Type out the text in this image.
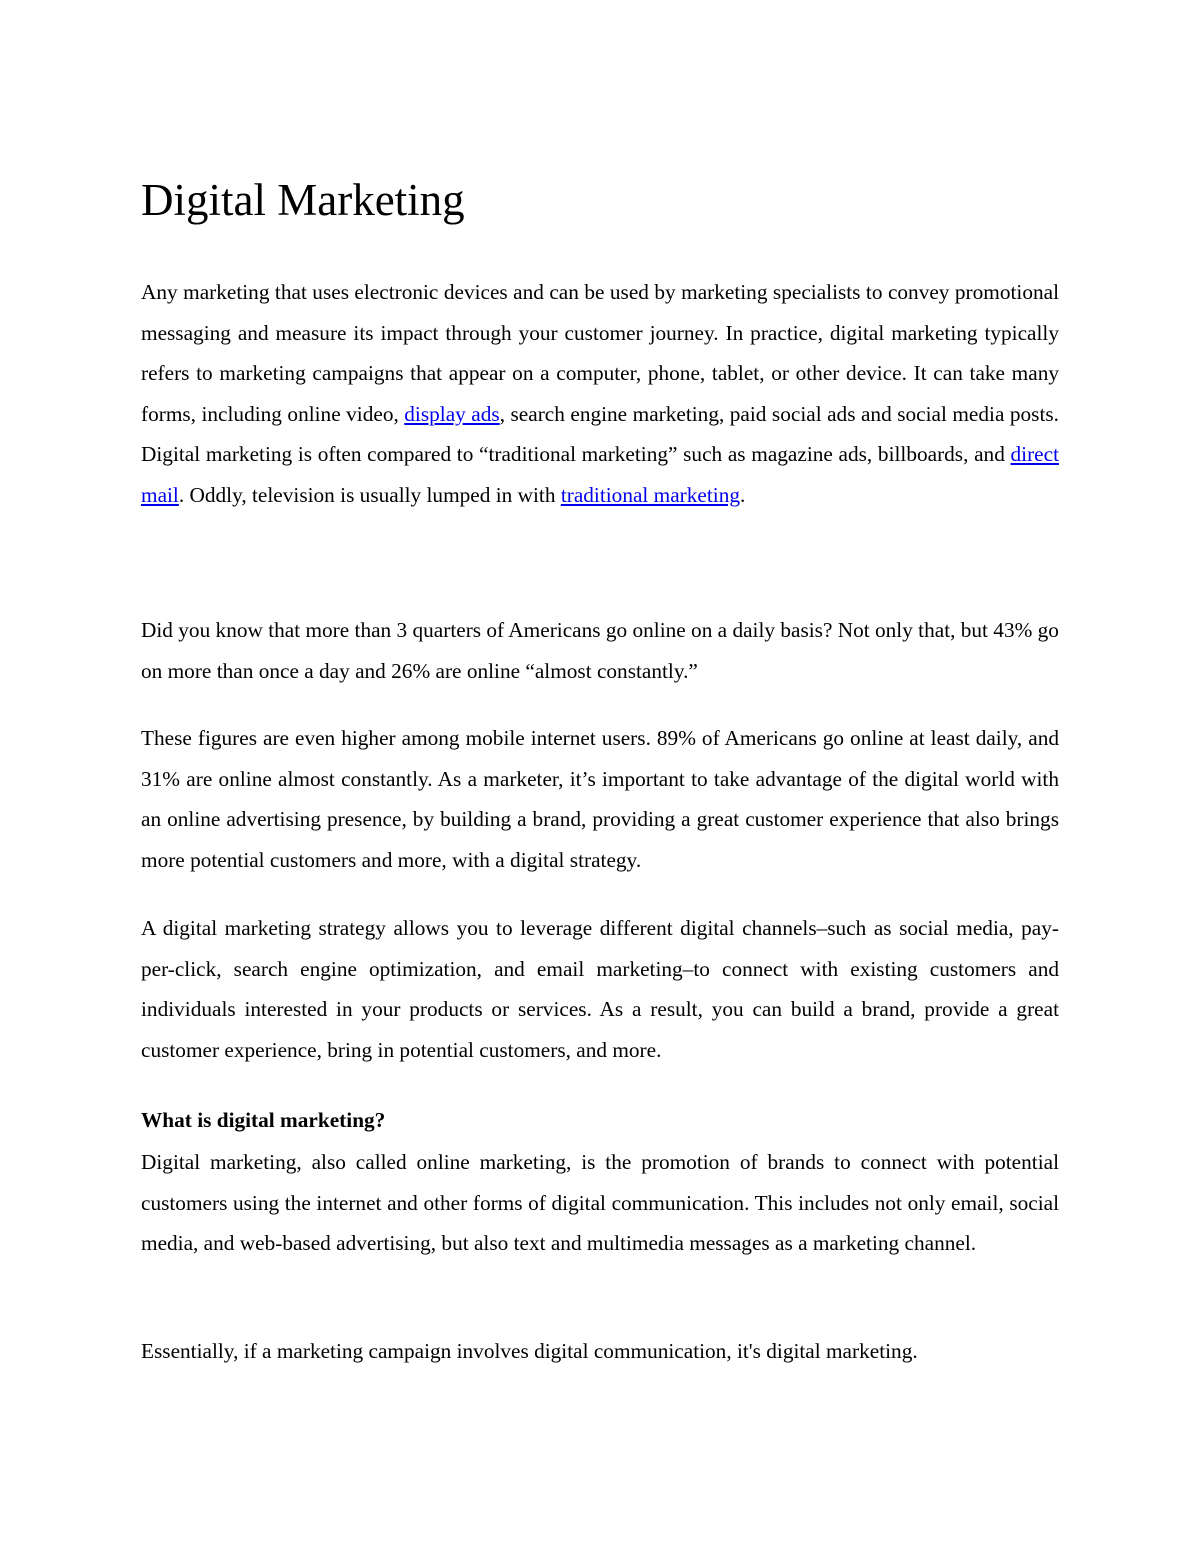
Digital Marketing

Any marketing that uses electronic devices and can be used by marketing specialists to convey promotional messaging and measure its impact through your customer journey. In practice, digital marketing typically refers to marketing campaigns that appear on a computer, phone, tablet, or other device. It can take many forms, including online video, display ads, search engine marketing, paid social ads and social media posts. Digital marketing is often compared to “traditional marketing” such as magazine ads, billboards, and direct mail. Oddly, television is usually lumped in with traditional marketing.

Did you know that more than 3 quarters of Americans go online on a daily basis? Not only that, but 43% go on more than once a day and 26% are online “almost constantly.”

These figures are even higher among mobile internet users. 89% of Americans go online at least daily, and 31% are online almost constantly. As a marketer, it’s important to take advantage of the digital world with an online advertising presence, by building a brand, providing a great customer experience that also brings more potential customers and more, with a digital strategy.

A digital marketing strategy allows you to leverage different digital channels–such as social media, pay-per-click, search engine optimization, and email marketing–to connect with existing customers and individuals interested in your products or services. As a result, you can build a brand, provide a great customer experience, bring in potential customers, and more.

What is digital marketing?

Digital marketing, also called online marketing, is the promotion of brands to connect with potential customers using the internet and other forms of digital communication. This includes not only email, social media, and web-based advertising, but also text and multimedia messages as a marketing channel.

Essentially, if a marketing campaign involves digital communication, it's digital marketing.
